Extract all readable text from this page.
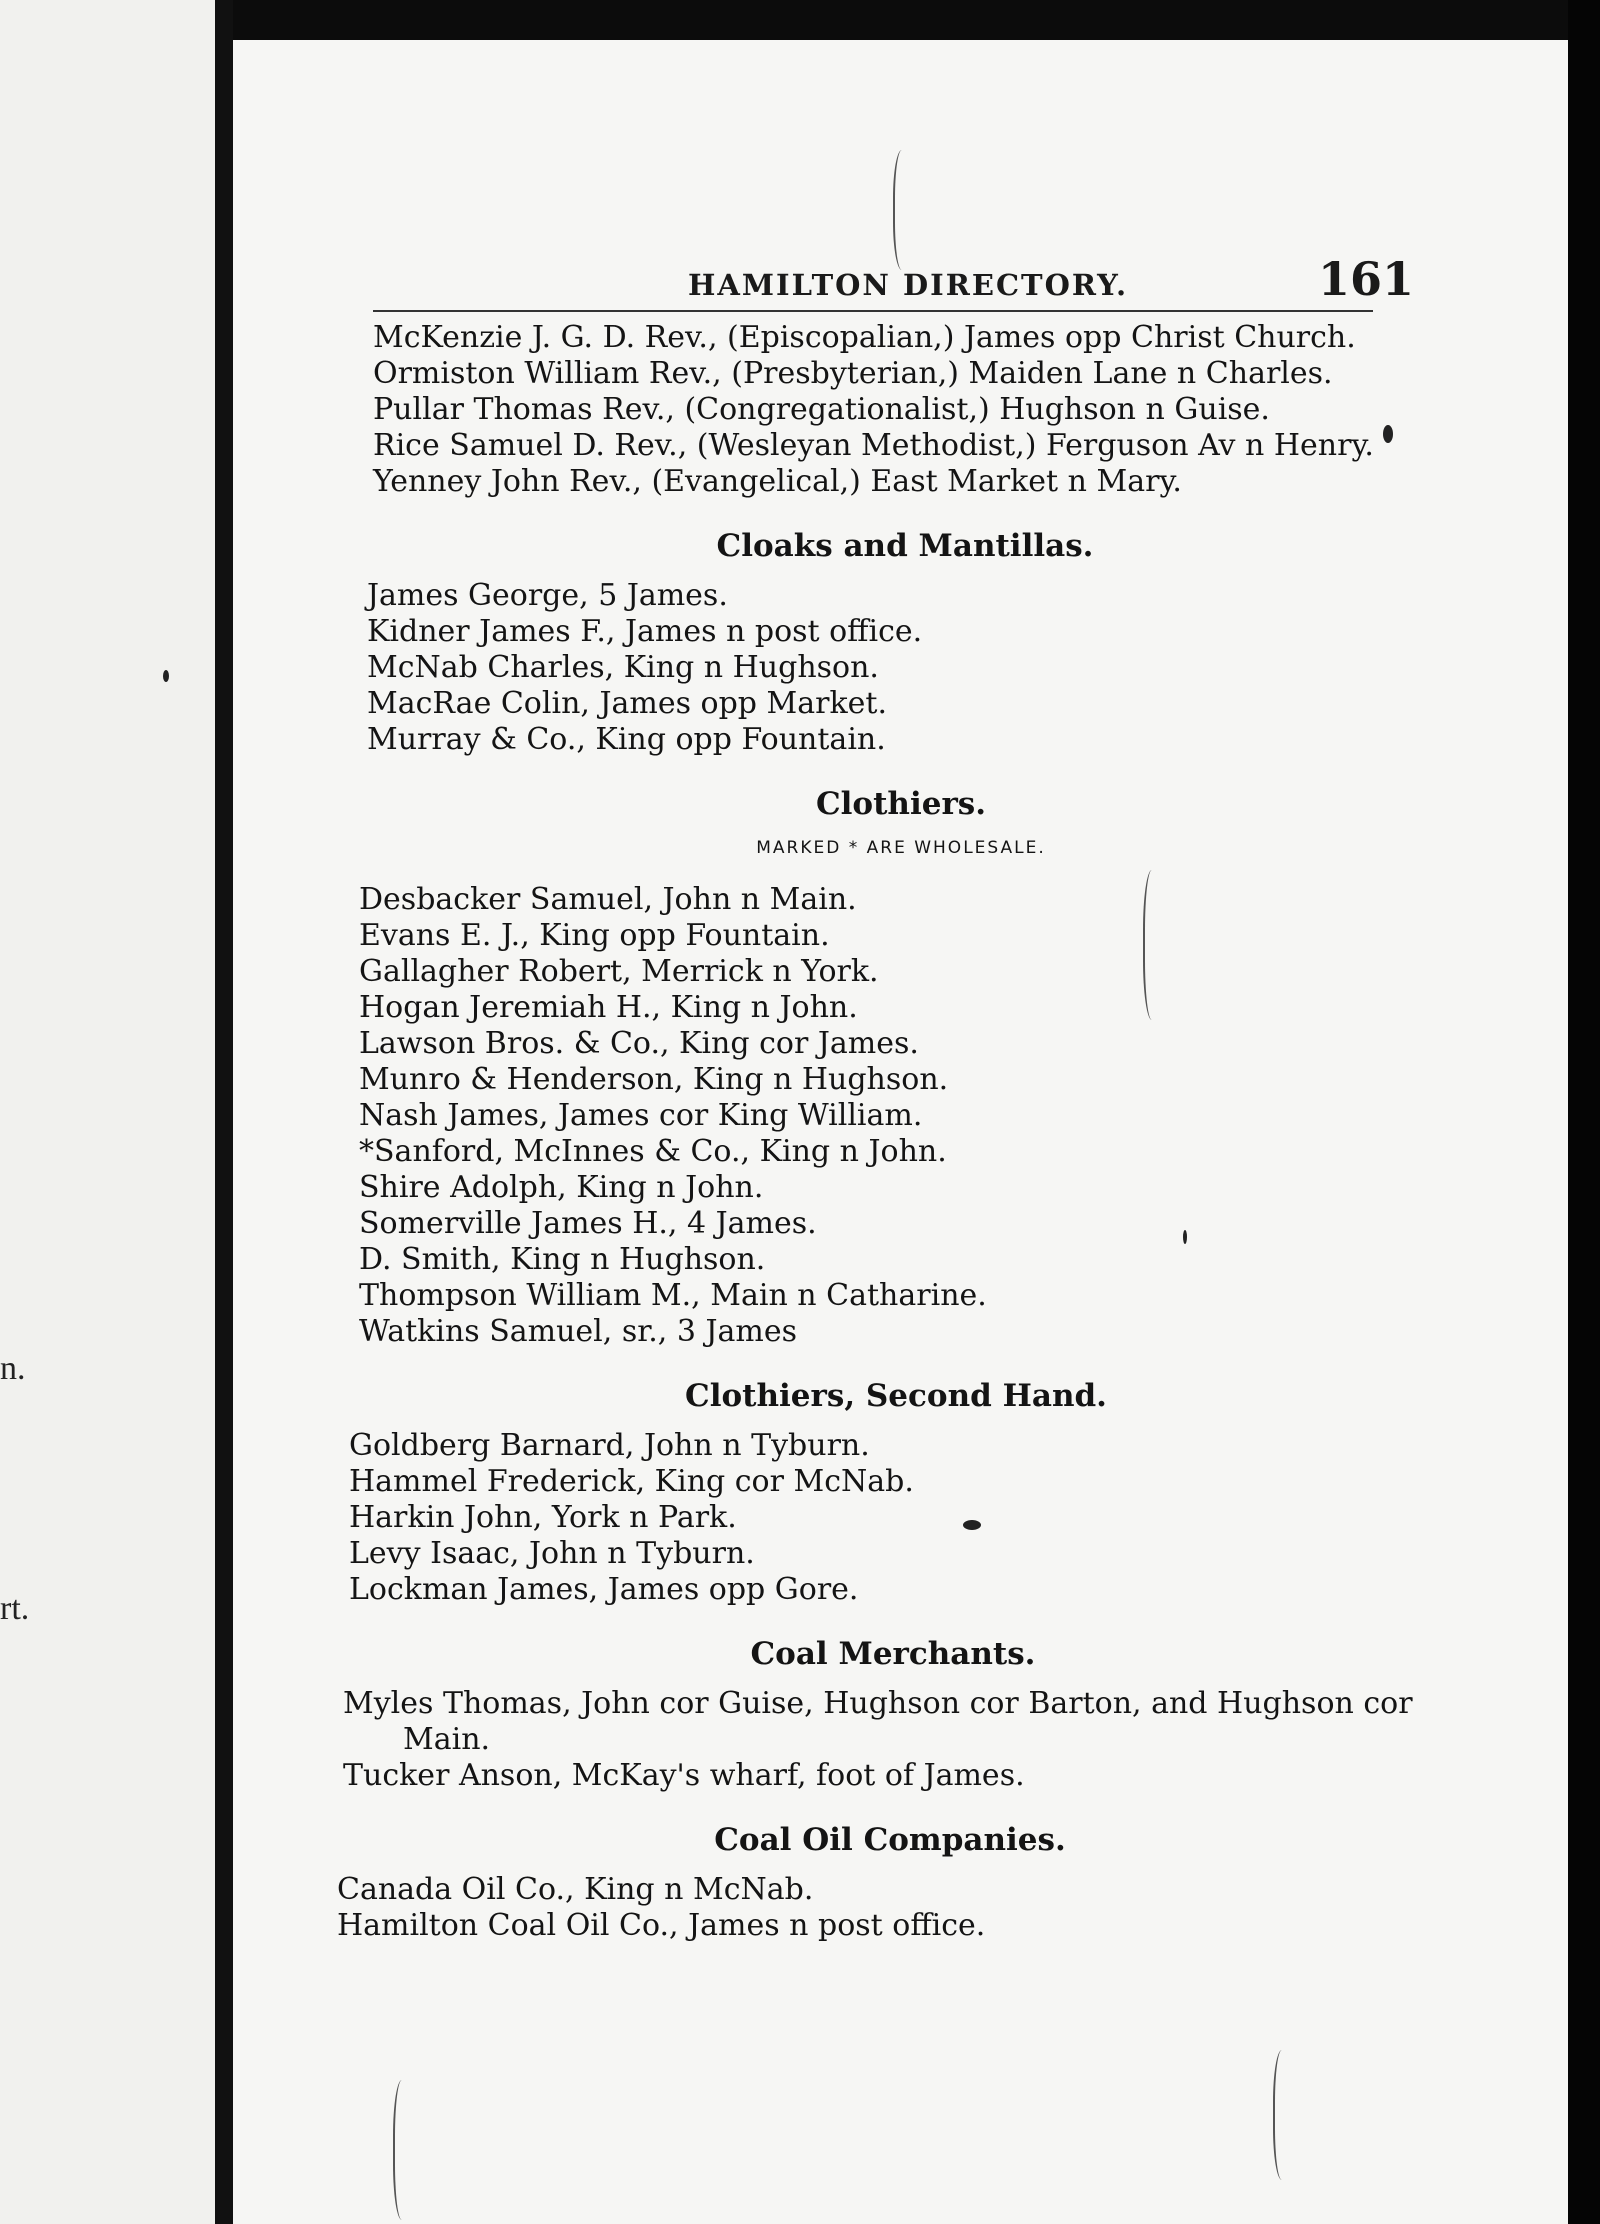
n.
rt.
HAMILTON DIRECTORY.	161

McKenzie J. G. D. Rev., (Episcopalian,) James opp Christ Church.

Ormiston William Rev., (Presbyterian,) Maiden Lane n Charles.

Pullar Thomas Rev., (Congregationalist,) Hughson n Guise.

Rice Samuel D. Rev., (Wesleyan Methodist,) Ferguson Av n Henry.

Yenney John Rev., (Evangelical,) East Market n Mary.

Cloaks and Mantillas.

James George, 5 James.

Kidner James F., James n post office.

McNab Charles, King n Hughson.

MacRae Colin, James opp Market.

Murray & Co., King opp Fountain.

Clothiers.
MARKED * ARE WHOLESALE.

Desbacker Samuel, John n Main.

Evans E. J., King opp Fountain.

Gallagher Robert, Merrick n York.

Hogan Jeremiah H., King n John.

Lawson Bros. & Co., King cor James.

Munro & Henderson, King n Hughson.

Nash James, James cor King William.

*Sanford, McInnes & Co., King n John.

Shire Adolph, King n John.

Somerville James H., 4 James.

D. Smith, King n Hughson.

Thompson William M., Main n Catharine.

Watkins Samuel, sr., 3 James

Clothiers, Second Hand.

Goldberg Barnard, John n Tyburn.

Hammel Frederick, King cor McNab.

Harkin John, York n Park.

Levy Isaac, John n Tyburn.

Lockman James, James opp Gore.

Coal Merchants.

Myles Thomas, John cor Guise, Hughson cor Barton, and Hughson cor
Main.

Tucker Anson, McKay's wharf, foot of James.

Coal Oil Companies.

Canada Oil Co., King n McNab.

Hamilton Coal Oil Co., James n post office.
